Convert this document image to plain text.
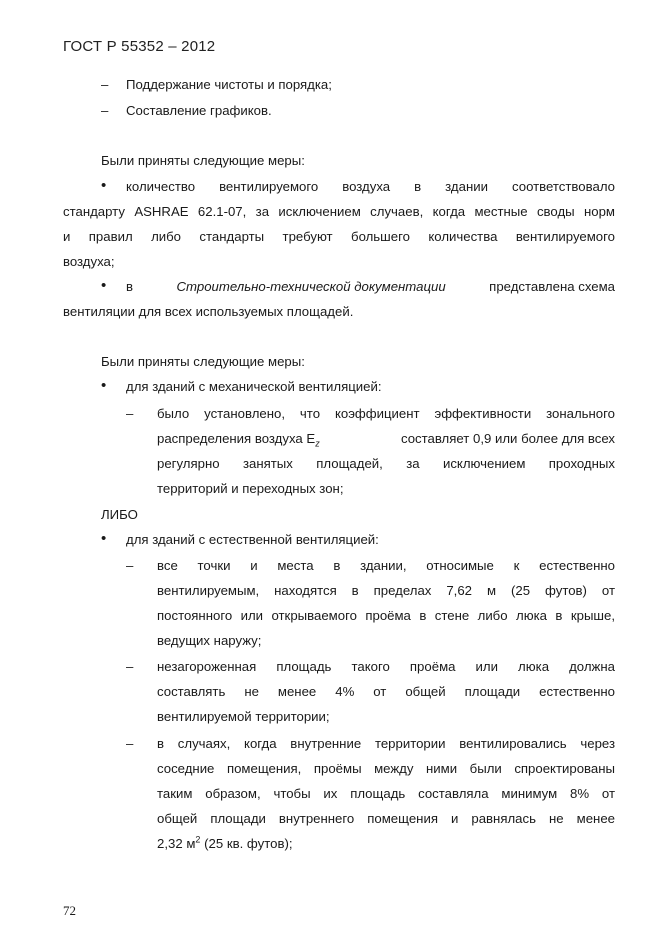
ГОСТ Р 55352 – 2012
– Поддержание чистоты и порядка;
– Составление графиков.
Были приняты следующие меры:
• количество вентилируемого воздуха в здании соответствовало
стандарту ASHRAE 62.1-07, за исключением случаев, когда местные своды норм
и правил либо стандарты требуют большего количества вентилируемого
воздуха;
• в	Строительно-технической документации	представлена схема
вентиляции для всех используемых площадей.
Были приняты следующие меры:
• для зданий с механической вентиляцией:
– было установлено, что коэффициент эффективности зонального
распределения воздуха $E_z$	составляет 0,9 или более для всех
регулярно занятых площадей, за исключением проходных
территорий и переходных зон;
ЛИБО
• для зданий с естественной вентиляцией:
– все точки и места в здании, относимые к естественно
вентилируемым, находятся в пределах 7,62 м (25 футов) от
постоянного или открываемого проёма в стене либо люка в крыше,
ведущих наружу;
– незагороженная площадь такого проёма или люка должна
составлять не менее 4% от общей площади естественно
вентилируемой территории;
– в случаях, когда внутренние территории вентилировались через
соседние помещения, проёмы между ними были спроектированы
таким образом, чтобы их площадь составляла минимум 8% от
общей площади внутреннего помещения и равнялась не менее
2,32 $м^2$ (25 кв. футов);
72
